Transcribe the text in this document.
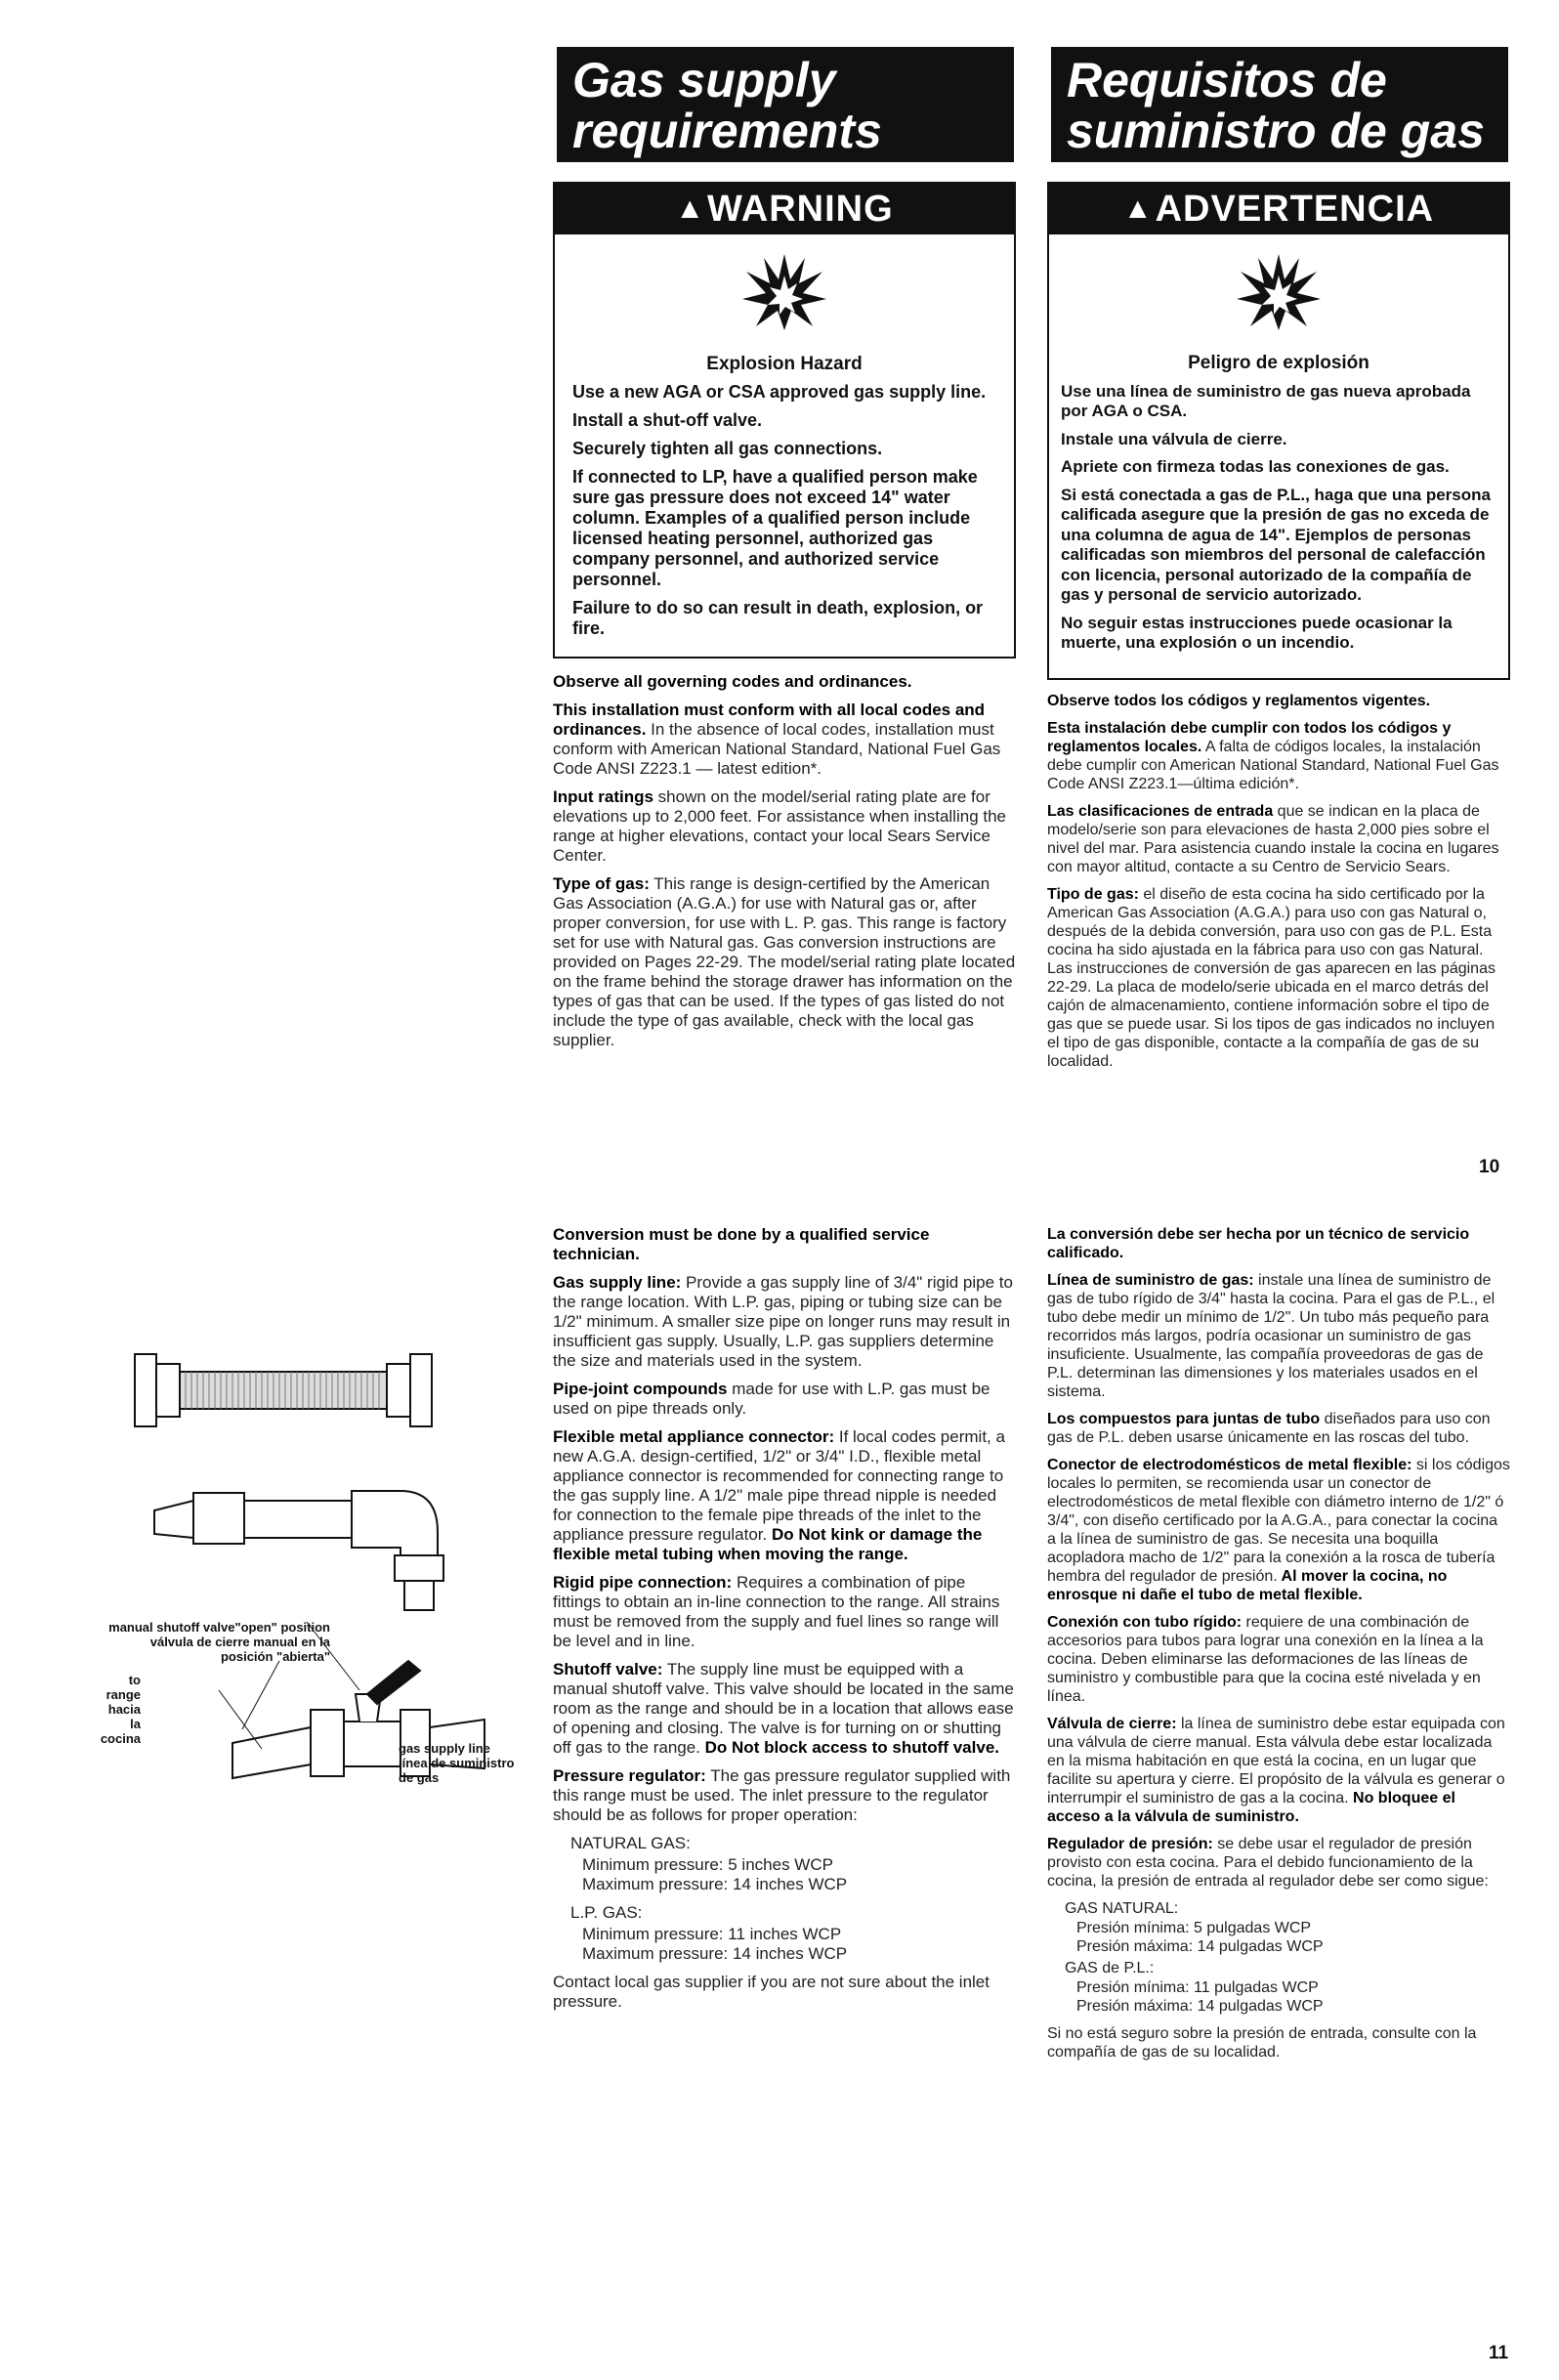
Gas supply
requirements
Requisitos de
suministro de gas
▲WARNING
Explosion Hazard

Use a new AGA or CSA approved gas supply line.

Install a shut-off valve.

Securely tighten all gas connections.

If connected to LP, have a qualified person make sure gas pressure does not exceed 14" water column. Examples of a qualified person include licensed heating personnel, authorized gas company personnel, and authorized service personnel.

Failure to do so can result in death, explosion, or fire.

▲ADVERTENCIA
Peligro de explosión

Use una línea de suministro de gas nueva aprobada por AGA o CSA.

Instale una válvula de cierre.

Apriete con firmeza todas las conexiones de gas.

Si está conectada a gas de P.L., haga que una persona calificada asegure que la presión de gas no exceda de una columna de agua de 14". Ejemplos de personas calificadas son miembros del personal de calefacción con licencia, personal autorizado de la compañía de gas y personal de servicio autorizado.

No seguir estas instrucciones puede ocasionar la muerte, una explosión o un incendio.

Observe all governing codes and ordinances.

This installation must conform with all local codes and ordinances. In the absence of local codes, installation must conform with American National Standard, National Fuel Gas Code ANSI Z223.1 — latest edition*.

Input ratings shown on the model/serial rating plate are for elevations up to 2,000 feet. For assistance when installing the range at higher elevations, contact your local Sears Service Center.

Type of gas: This range is design-certified by the American Gas Association (A.G.A.) for use with Natural gas or, after proper conversion, for use with L. P. gas. This range is factory set for use with Natural gas. Gas conversion instructions are provided on Pages 22-29. The model/serial rating plate located on the frame behind the storage drawer has information on the types of gas that can be used. If the types of gas listed do not include the type of gas available, check with the local gas supplier.

Observe todos los códigos y reglamentos vigentes.

Esta instalación debe cumplir con todos los códigos y reglamentos locales. A falta de códigos locales, la instalación debe cumplir con American National Standard, National Fuel Gas Code ANSI Z223.1—última edición*.

Las clasificaciones de entrada que se indican en la placa de modelo/serie son para elevaciones de hasta 2,000 pies sobre el nivel del mar. Para asistencia cuando instale la cocina en lugares con mayor altitud, contacte a su Centro de Servicio Sears.

Tipo de gas: el diseño de esta cocina ha sido certificado por la American Gas Association (A.G.A.) para uso con gas Natural o, después de la debida conversión, para uso con gas de P.L. Esta cocina ha sido ajustada en la fábrica para uso con gas Natural. Las instrucciones de conversión de gas aparecen en las páginas 22-29. La placa de modelo/serie ubicada en el marco detrás del cajón de almacenamiento, contiene información sobre el tipo de gas que se puede usar. Si los tipos de gas indicados no incluyen el tipo de gas disponible, contacte a la compañía de gas de su localidad.

10
manual shutoff valve"open" position
válvula de cierre manual en la
posición "abierta"
to range
hacia la
cocina
gas supply line
línea de suministro
de gas

Conversion must be done by a qualified service technician.

Gas supply line: Provide a gas supply line of 3/4" rigid pipe to the range location. With L.P. gas, piping or tubing size can be 1/2" minimum. A smaller size pipe on longer runs may result in insufficient gas supply. Usually, L.P. gas suppliers determine the size and materials used in the system.

Pipe-joint compounds made for use with L.P. gas must be used on pipe threads only.

Flexible metal appliance connector: If local codes permit, a new A.G.A. design-certified, 1/2" or 3/4" I.D., flexible metal appliance connector is recommended for connecting range to the gas supply line. A 1/2" male pipe thread nipple is needed for connection to the female pipe threads of the inlet to the appliance pressure regulator. Do Not kink or damage the flexible metal tubing when moving the range.

Rigid pipe connection: Requires a combination of pipe fittings to obtain an in-line connection to the range. All strains must be removed from the supply and fuel lines so range will be level and in line.

Shutoff valve: The supply line must be equipped with a manual shutoff valve. This valve should be located in the same room as the range and should be in a location that allows ease of opening and closing. The valve is for turning on or shutting off gas to the range. Do Not block access to shutoff valve.

Pressure regulator: The gas pressure regulator supplied with this range must be used. The inlet pressure to the regulator should be as follows for proper operation:

NATURAL GAS:

Minimum pressure: 5 inches WCP

Maximum pressure: 14 inches WCP

L.P. GAS:

Minimum pressure: 11 inches WCP

Maximum pressure: 14 inches WCP

Contact local gas supplier if you are not sure about the inlet pressure.

La conversión debe ser hecha por un técnico de servicio calificado.

Línea de suministro de gas: instale una línea de suministro de gas de tubo rígido de 3/4" hasta la cocina. Para el gas de P.L., el tubo debe medir un mínimo de 1/2". Un tubo más pequeño para recorridos más largos, podría ocasionar un suministro de gas insuficiente. Usualmente, las compañía proveedoras de gas de P.L. determinan las dimensiones y los materiales usados en el sistema.

Los compuestos para juntas de tubo diseñados para uso con gas de P.L. deben usarse únicamente en las roscas del tubo.

Conector de electrodomésticos de metal flexible: si los códigos locales lo permiten, se recomienda usar un conector de electrodomésticos de metal flexible con diámetro interno de 1/2" ó 3/4", con diseño certificado por la A.G.A., para conectar la cocina a la línea de suministro de gas. Se necesita una boquilla acopladora macho de 1/2" para la conexión a la rosca de tubería hembra del regulador de presión. Al mover la cocina, no enrosque ni dañe el tubo de metal flexible.

Conexión con tubo rígido: requiere de una combinación de accesorios para tubos para lograr una conexión en la línea a la cocina. Deben eliminarse las deformaciones de las líneas de suministro y combustible para que la cocina esté nivelada y en línea.

Válvula de cierre: la línea de suministro debe estar equipada con una válvula de cierre manual. Esta válvula debe estar localizada en la misma habitación en que está la cocina, en un lugar que facilite su apertura y cierre. El propósito de la válvula es generar o interrumpir el suministro de gas a la cocina. No bloquee el acceso a la válvula de suministro.

Regulador de presión: se debe usar el regulador de presión provisto con esta cocina. Para el debido funcionamiento de la cocina, la presión de entrada al regulador debe ser como sigue:

GAS NATURAL:

Presión mínima: 5 pulgadas WCP

Presión máxima: 14 pulgadas WCP

GAS de P.L.:

Presión mínima: 11 pulgadas WCP

Presión máxima: 14 pulgadas WCP

Si no está seguro sobre la presión de entrada, consulte con la compañía de gas de su localidad.

11
